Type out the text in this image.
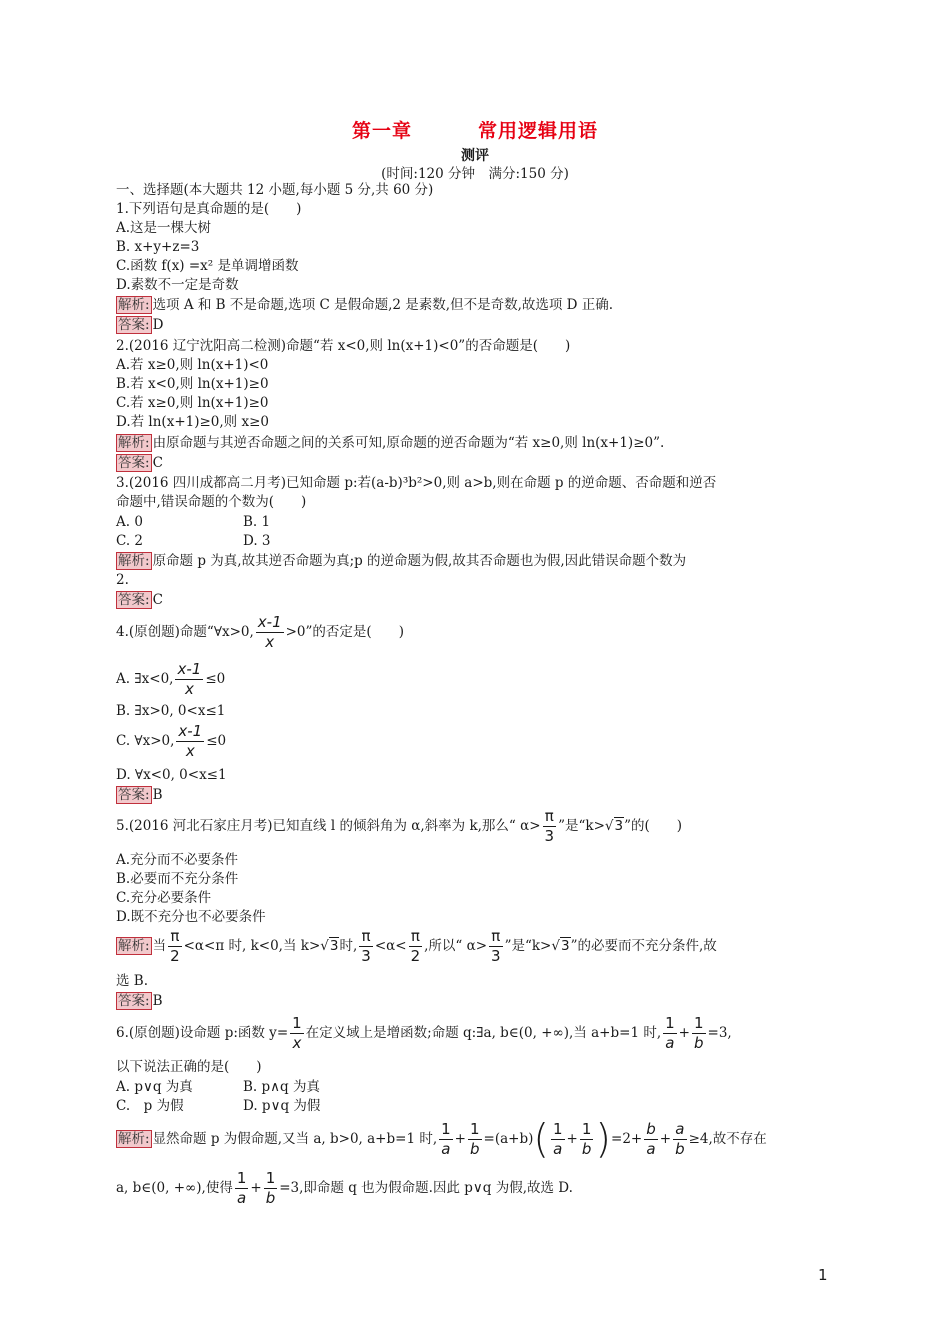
第一章	常用逻辑用语
测评
(时间:120 分钟　满分:150 分)
一、选择题(本大题共 12 小题,每小题 5 分,共 60 分)
1.下列语句是真命题的是(　　)
A.这是一棵大树
B. x+y+z=3
C.函数 f(x) =x² 是单调增函数
D.素数不一定是奇数
解析: 选项 A 和 B 不是命题,选项 C 是假命题,2 是素数,但不是奇数,故选项 D 正确.
答案: D
2.(2016 辽宁沈阳高二检测)命题“若 x<0,则 ln(x+1)<0”的否命题是(　　)
A.若 x≥0,则 ln(x+1)<0
B.若 x<0,则 ln(x+1)≥0
C.若 x≥0,则 ln(x+1)≥0
D.若 ln(x+1)≥0,则 x≥0
解析: 由原命题与其逆否命题之间的关系可知,原命题的逆否命题为“若 x≥0,则 ln(x+1)≥0”.
答案: C
3.(2016 四川成都高二月考)已知命题 p:若(a-b)³b²>0,则 a>b,则在命题 p 的逆命题、否命题和逆否
命题中,错误命题的个数为(　　)
A. 0	B. 1
C. 2	D. 3
解析: 原命题 p 为真,故其逆否命题为真;p 的逆命题为假,故其否命题也为假,因此错误命题个数为
2.
答案: C
4.(原创题)命题“∀x>0, $\frac{x-1}{x} >0$”的否定是(　　)
A. ∃x<0, $\frac{x-1}{x} \le 0$
B. ∃x>0, 0<x≤1
C. ∀x>0, $\frac{x-1}{x} \le 0$
D. ∀x<0, 0<x≤1
答案: B
5.(2016 河北石家庄月考)已知直线 l 的倾斜角为 α,斜率为 k,那么“ $\alpha> \frac{\pi}{3}$ ”是“k>√3”的(　　)
A.充分而不必要条件
B.必要而不充分条件
C.充分必要条件
D.既不充分也不必要条件
解析: 当 $\frac{\pi}{2} <\alpha<\pi$ 时, k<0,当 k>√3时, $\frac{\pi}{3} <\alpha< \frac{\pi}{2}$ ,所以“ $\alpha> \frac{\pi}{3}$ ”是“k>√3”的必要而不充分条件,故
选 B.
答案: B
6.(原创题)设命题 p:函数 $y= \frac{1}{x}$ 在定义域上是增函数;命题 q:∃a, b∈(0, +∞),当 a+b=1 时, $\frac{1}{a} + \frac{1}{b} =3$,
以下说法正确的是(　　)
A. p∨q 为真	B. p∧q 为真
C.　p 为假	D. p∨q 为假
解析: 显然命题 p 为假命题,又当 a, b>0, a+b=1 时, $\frac{1}{a} + \frac{1}{b} =(a+b)( \frac{1}{a} + \frac{1}{b} )=2+ \frac{b}{a} + \frac{a}{b} \ge 4$,故不存在
a, b∈(0, +∞),使得 $\frac{1}{a} + \frac{1}{b} =3$,即命题 q 也为假命题.因此 p∨q 为假,故选 D.
1
